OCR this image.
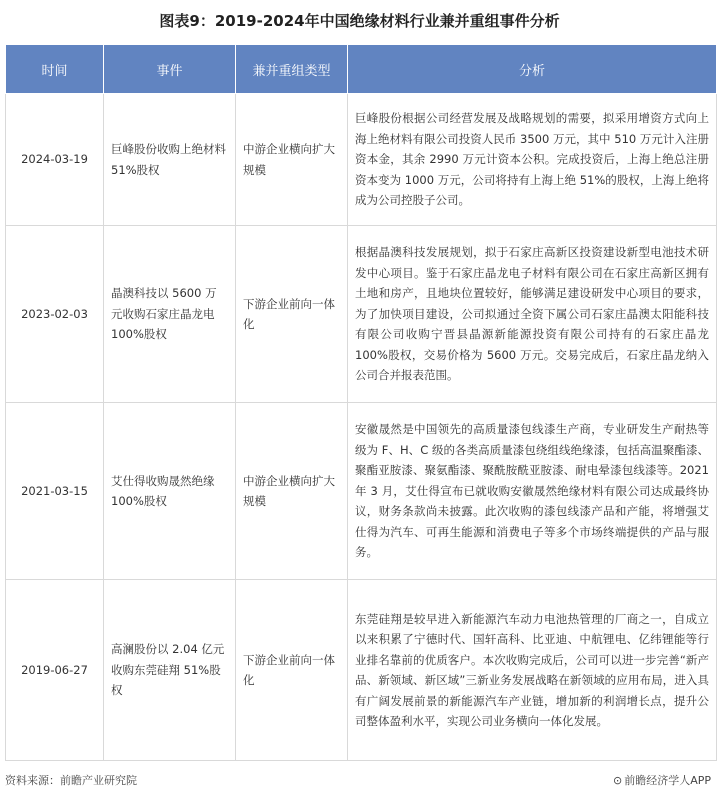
图表9：2019-2024年中国绝缘材料行业兼并重组事件分析
时间	事件	兼并重组类型	分析
2024-03-19	巨峰股份收购上绝材料 51%股权	中游企业横向扩大规模	巨峰股份根据公司经营发展及战略规划的需要，拟采用增资方式向上海上绝材料有限公司投资人民币 3500 万元，其中 510 万元计入注册资本金，其余 2990 万元计资本公积。完成投资后，上海上绝总注册资本变为 1000 万元，公司将持有上海上绝 51%的股权，上海上绝将成为公司控股子公司。
2023-02-03	晶澳科技以 5600 万元收购石家庄晶龙电 100%股权	下游企业前向一体化	根据晶澳科技发展规划，拟于石家庄高新区投资建设新型电池技术研发中心项目。鉴于石家庄晶龙电子材料有限公司在石家庄高新区拥有土地和房产，且地块位置较好，能够满足建设研发中心项目的要求，为了加快项目建设，公司拟通过全资下属公司石家庄晶澳太阳能科技有限公司收购宁晋县晶源新能源投资有限公司持有的石家庄晶龙 100%股权，交易价格为 5600 万元。交易完成后，石家庄晶龙纳入公司合并报表范围。
2021-03-15	艾仕得收购晟然绝缘 100%股权	中游企业横向扩大规模	安徽晟然是中国领先的高质量漆包线漆生产商，专业研发生产耐热等级为 F、H、C 级的各类高质量漆包绕组线绝缘漆，包括高温聚酯漆、聚酯亚胺漆、聚氨酯漆、聚酰胺酰亚胺漆、耐电晕漆包线漆等。2021 年 3 月，艾仕得宣布已就收购安徽晟然绝缘材料有限公司达成最终协议，财务条款尚未披露。此次收购的漆包线漆产品和产能，将增强艾仕得为汽车、可再生能源和消费电子等多个市场终端提供的产品与服务。
2019-06-27	高澜股份以 2.04 亿元收购东莞硅翔 51%股权	下游企业前向一体化	东莞硅翔是较早进入新能源汽车动力电池热管理的厂商之一，自成立以来积累了宁德时代、国轩高科、比亚迪、中航锂电、亿纬锂能等行业排名靠前的优质客户。本次收购完成后，公司可以进一步完善“新产品、新领域、新区域”三新业务发展战略在新领域的应用布局，进入具有广阔发展前景的新能源汽车产业链，增加新的利润增长点，提升公司整体盈利水平，实现公司业务横向一体化发展。
资料来源：前瞻产业研究院	⊙ 前瞻经济学人APP
